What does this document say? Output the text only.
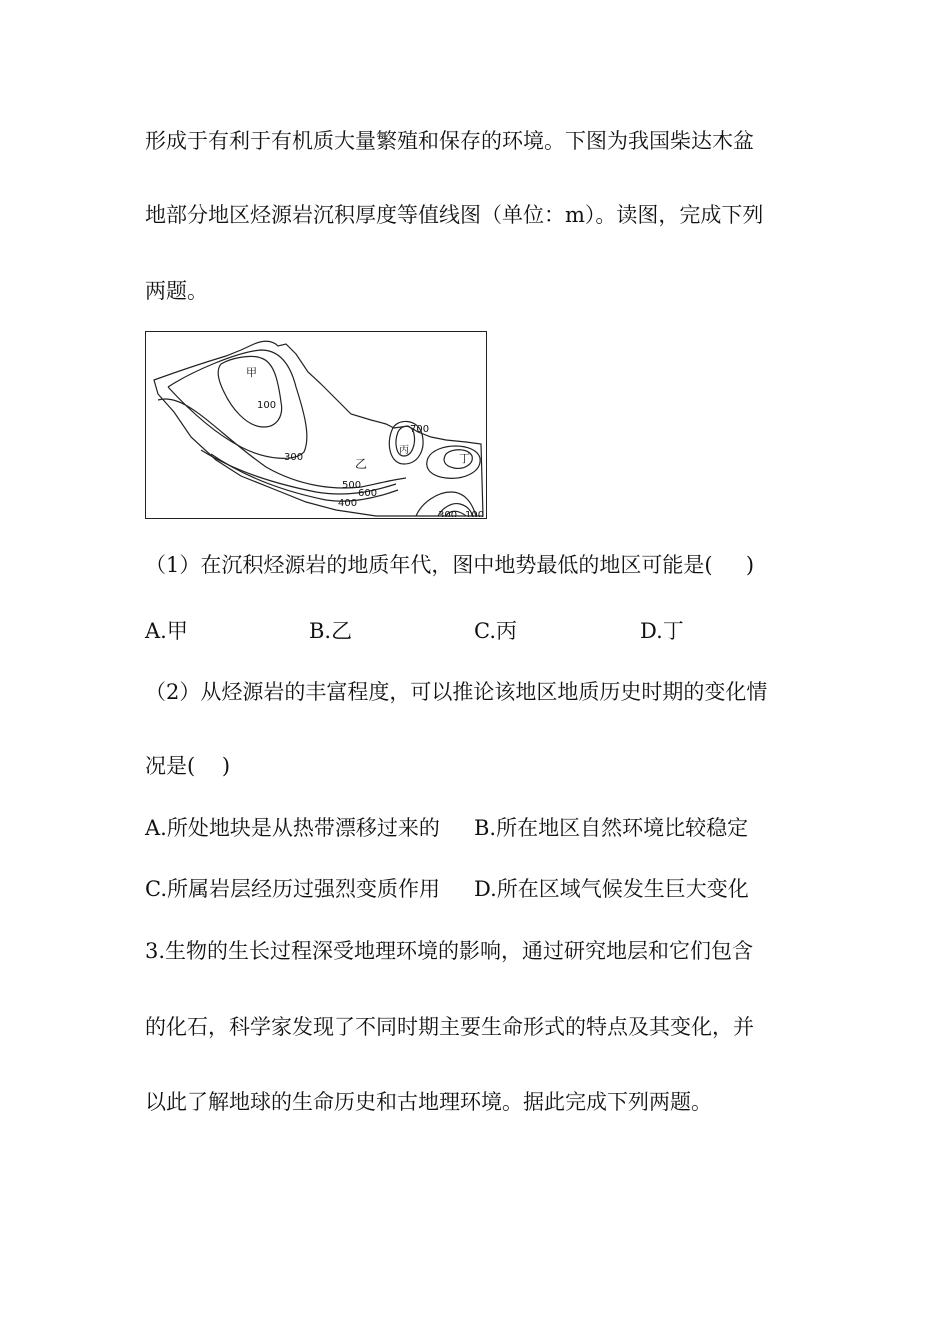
形成于有利于有机质大量繁殖和保存的环境。下图为我国柴达木盆
地部分地区烃源岩沉积厚度等值线图（单位：m）。读图，完成下列
两题。
甲
100
300	乙
500
600
400
700
丙
丁
300 100
（1）在沉积烃源岩的地质年代，图中地势最低的地区可能是(     )
A.甲	B.乙	C.丙	D.丁
（2）从烃源岩的丰富程度，可以推论该地区地质历史时期的变化情
况是(    )
A.所处地块是从热带漂移过来的 B.所在地区自然环境比较稳定
C.所属岩层经历过强烈变质作用 D.所在区域气候发生巨大变化
3.生物的生长过程深受地理环境的影响，通过研究地层和它们包含
的化石，科学家发现了不同时期主要生命形式的特点及其变化，并
以此了解地球的生命历史和古地理环境。据此完成下列两题。
